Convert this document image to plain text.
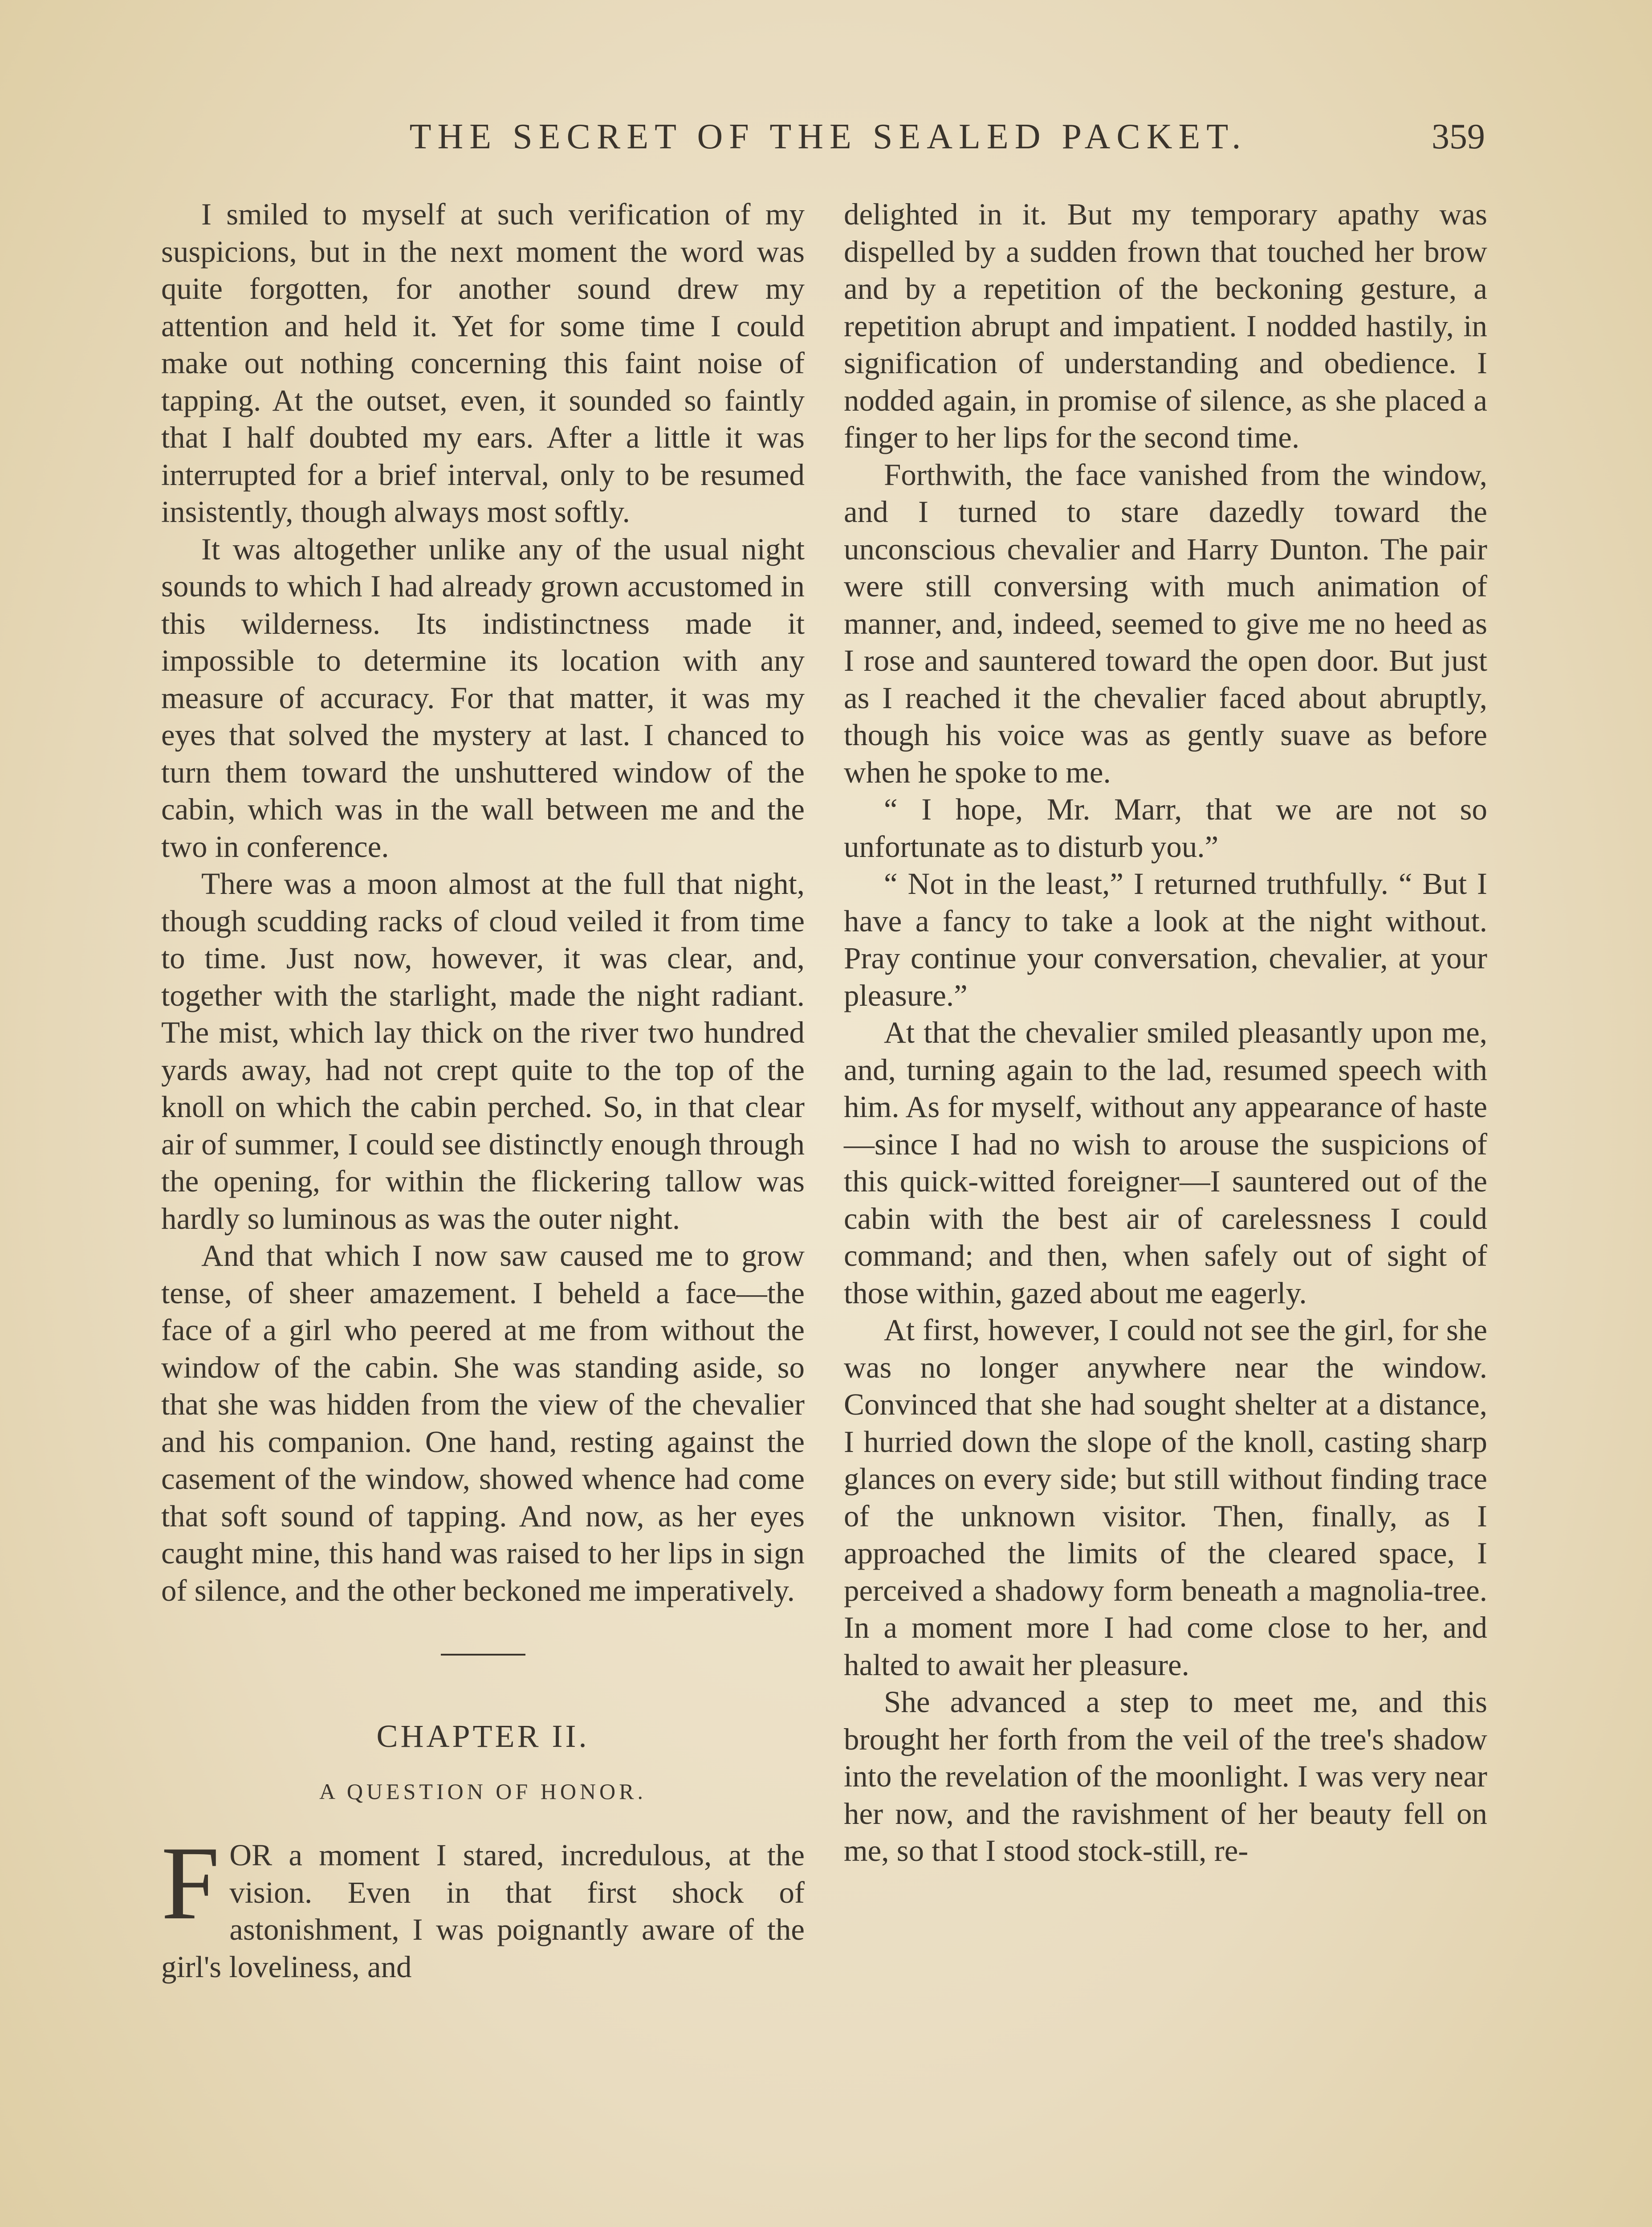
THE SECRET OF THE SEALED PACKET.	359

I smiled to myself at such verification of my suspicions, but in the next moment the word was quite forgotten, for another sound drew my attention and held it. Yet for some time I could make out nothing concerning this faint noise of tapping. At the outset, even, it sounded so faintly that I half doubted my ears. After a little it was interrupted for a brief interval, only to be resumed insistently, though always most softly.

It was altogether unlike any of the usual night sounds to which I had already grown accustomed in this wilderness. Its indistinctness made it impossible to determine its location with any measure of accuracy. For that matter, it was my eyes that solved the mystery at last. I chanced to turn them toward the unshuttered window of the cabin, which was in the wall between me and the two in conference.

There was a moon almost at the full that night, though scudding racks of cloud veiled it from time to time. Just now, however, it was clear, and, together with the starlight, made the night radiant. The mist, which lay thick on the river two hundred yards away, had not crept quite to the top of the knoll on which the cabin perched. So, in that clear air of summer, I could see distinctly enough through the opening, for within the flickering tallow was hardly so luminous as was the outer night.

And that which I now saw caused me to grow tense, of sheer amazement. I beheld a face—the face of a girl who peered at me from without the window of the cabin. She was standing aside, so that she was hidden from the view of the chevalier and his companion. One hand, resting against the casement of the window, showed whence had come that soft sound of tapping. And now, as her eyes caught mine, this hand was raised to her lips in sign of silence, and the other beckoned me imperatively.

CHAPTER II.
A QUESTION OF HONOR.

F OR a moment I stared, incredulous, at the vision. Even in that first shock of astonishment, I was poignantly aware of the girl's loveliness, and

delighted in it. But my temporary apathy was dispelled by a sudden frown that touched her brow and by a repetition of the beckoning gesture, a repetition abrupt and impatient. I nodded hastily, in signification of understanding and obedience. I nodded again, in promise of silence, as she placed a finger to her lips for the second time.

Forthwith, the face vanished from the window, and I turned to stare dazedly toward the unconscious chevalier and Harry Dunton. The pair were still conversing with much animation of manner, and, indeed, seemed to give me no heed as I rose and sauntered toward the open door. But just as I reached it the chevalier faced about abruptly, though his voice was as gently suave as before when he spoke to me.

“ I hope, Mr. Marr, that we are not so unfortunate as to disturb you.”

“ Not in the least,” I returned truthfully. “ But I have a fancy to take a look at the night without. Pray continue your conversation, chevalier, at your pleasure.”

At that the chevalier smiled pleasantly upon me, and, turning again to the lad, resumed speech with him. As for myself, without any appearance of haste—since I had no wish to arouse the suspicions of this quick-witted foreigner—I sauntered out of the cabin with the best air of carelessness I could command; and then, when safely out of sight of those within, gazed about me eagerly.

At first, however, I could not see the girl, for she was no longer anywhere near the window. Convinced that she had sought shelter at a distance, I hurried down the slope of the knoll, casting sharp glances on every side; but still without finding trace of the unknown visitor. Then, finally, as I approached the limits of the cleared space, I perceived a shadowy form beneath a magnolia-tree. In a moment more I had come close to her, and halted to await her pleasure.

She advanced a step to meet me, and this brought her forth from the veil of the tree's shadow into the revelation of the moonlight. I was very near her now, and the ravishment of her beauty fell on me, so that I stood stock-still, re-
